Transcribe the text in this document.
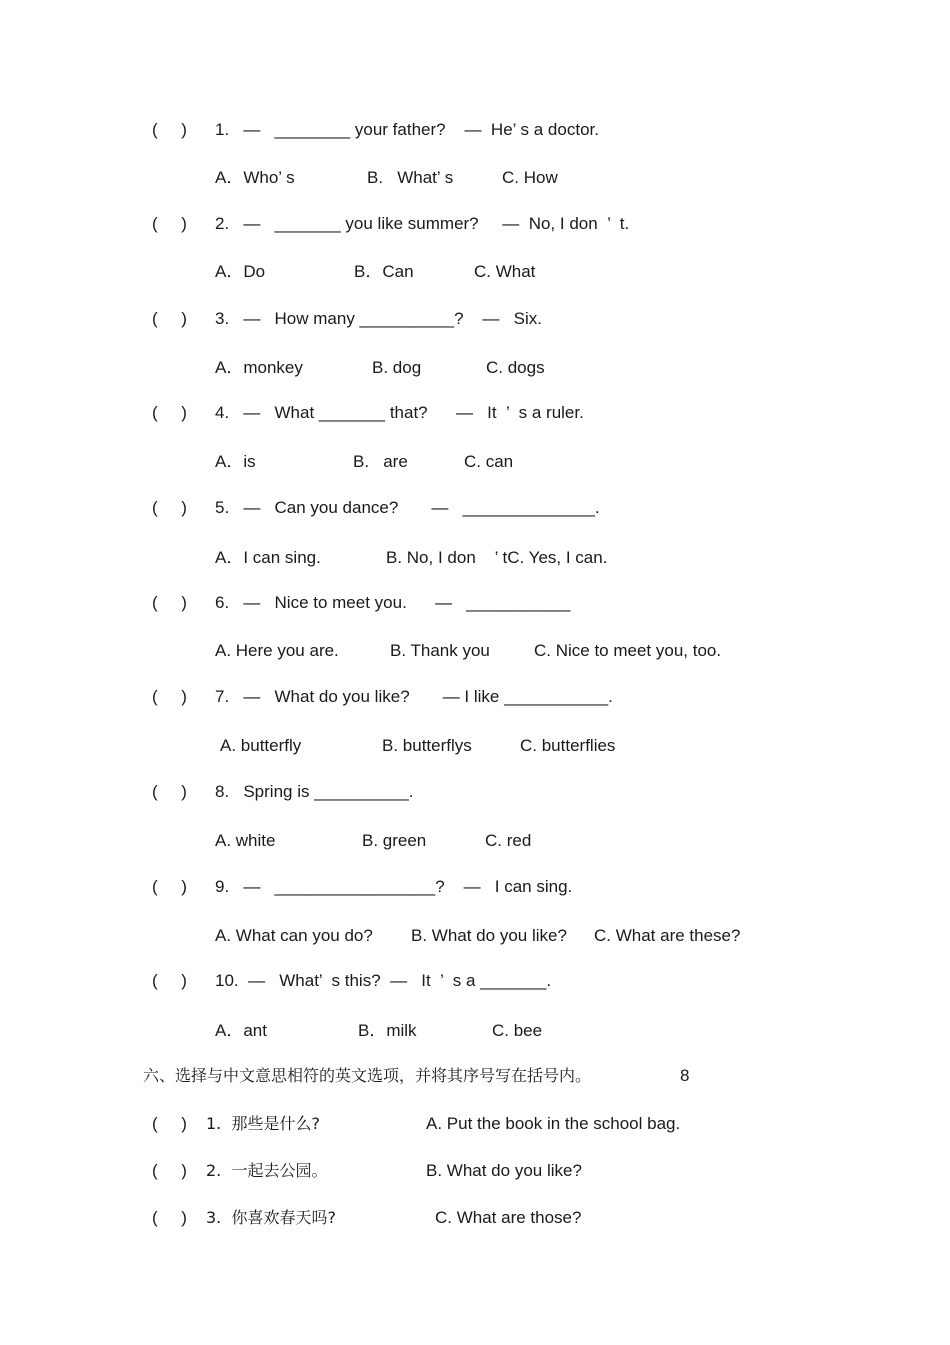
(     ) 1.   —   ________ your father?    —  He’ s a doctor.
A．Who’ s	B.   What’ s	C. How
(     ) 2.   —   _______ you like summer?     —  No, I don  ’  t.
A．Do	B．Can	C. What
(     ) 3.   —   How many __________?    —   Six.
A．monkey	B. dog	C. dogs
(     ) 4.   —   What _______ that?      —   It  ’  s a ruler.
A．is	B.   are	C. can
(     ) 5.   —   Can you dance?       —   ______________.
A．I can sing.	B. No, I don    ’ tC. Yes, I can.
(     ) 6.   —   Nice to meet you.      —   ___________
A. Here you are.	B. Thank you	C. Nice to meet you, too.
(     ) 7.   —   What do you like?       — I like ___________.
A. butterfly	B. butterflys	C. butterflies
(     ) 8.   Spring is __________.
A. white	B. green	C. red
(     ) 9.   —   _________________?    —   I can sing.
A. What can you do? B. What do you like? C. What are these?
(     ) 10.  —   What’  s this?  —   It  ’  s a _______.
A．ant	B．milk	C. bee
六、选择与中文意思相符的英文选项，并将其序号写在括号内。	8
(     ) 1.  那些是什么?	A. Put the book in the school bag.
(     ) 2.  一起去公园。	B. What do you like?
(     ) 3.  你喜欢春天吗?	C. What are those?
